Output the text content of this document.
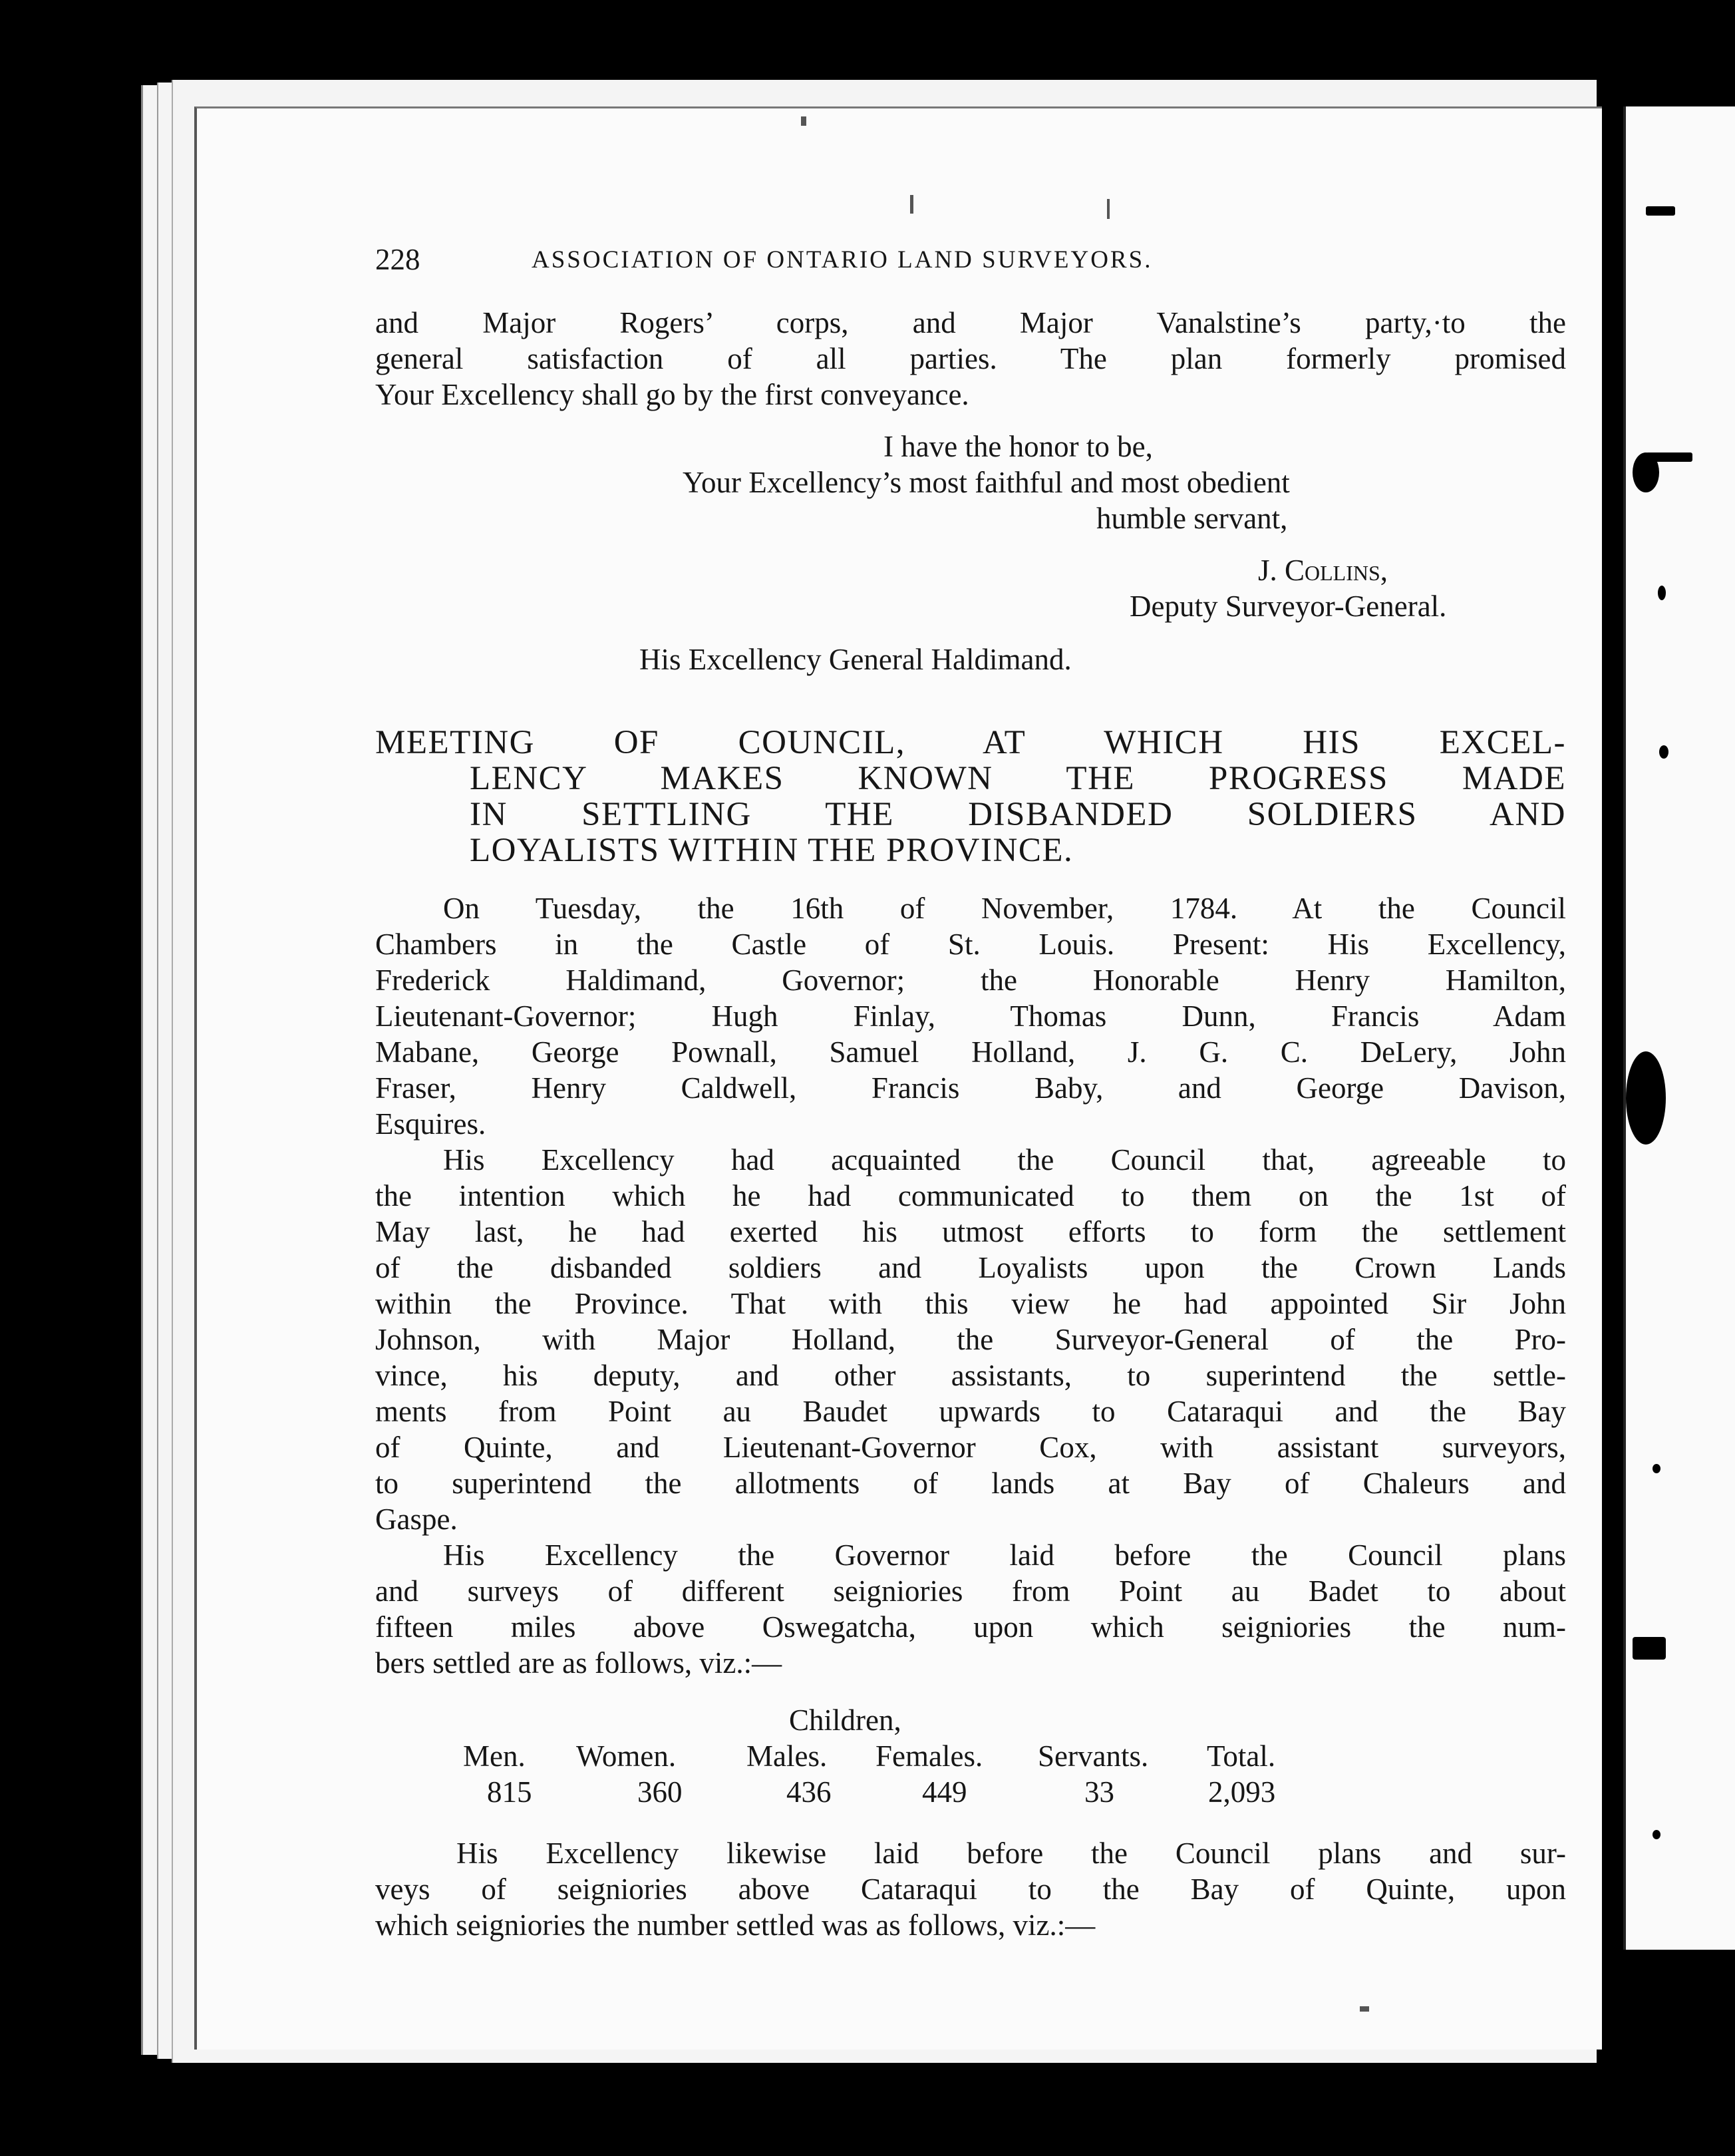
228	ASSOCIATION OF ONTARIO LAND SURVEYORS.
and Major Rogers’ corps, and Major Vanalstine’s party,·to the
general satisfaction of all parties. The plan formerly promised
Your Excellency shall go by the first conveyance.
I have the honor to be,
Your Excellency’s most faithful and most obedient
humble servant,
J. Collins,
Deputy Surveyor-General.
His Excellency General Haldimand.
MEETING OF COUNCIL, AT WHICH HIS EXCEL-
LENCY MAKES KNOWN THE PROGRESS MADE
IN SETTLING THE DISBANDED SOLDIERS AND
LOYALISTS WITHIN THE PROVINCE.
On Tuesday, the 16th of November, 1784. At the Council
Chambers in the Castle of St. Louis. Present: His Excellency,
Frederick Haldimand, Governor; the Honorable Henry Hamilton,
Lieutenant-Governor; Hugh Finlay, Thomas Dunn, Francis Adam
Mabane, George Pownall, Samuel Holland, J. G. C. DeLery, John
Fraser, Henry Caldwell, Francis Baby, and George Davison,
Esquires.
His Excellency had acquainted the Council that, agreeable to
the intention which he had communicated to them on the 1st of
May last, he had exerted his utmost efforts to form the settlement
of the disbanded soldiers and Loyalists upon the Crown Lands
within the Province. That with this view he had appointed Sir John
Johnson, with Major Holland, the Surveyor-General of the Pro-
vince, his deputy, and other assistants, to superintend the settle-
ments from Point au Baudet upwards to Cataraqui and the Bay
of Quinte, and Lieutenant-Governor Cox, with assistant surveyors,
to superintend the allotments of lands at Bay of Chaleurs and
Gaspe.
His Excellency the Governor laid before the Council plans
and surveys of different seigniories from Point au Badet to about
fifteen miles above Oswegatcha, upon which seigniories the num-
bers settled are as follows, viz.:—
Children,
Men. Women. Males. Females. Servants. Total.
815	360	436	449	33	2,093
His Excellency likewise laid before the Council plans and sur-
veys of seigniories above Cataraqui to the Bay of Quinte, upon
which seigniories the number settled was as follows, viz.:—
